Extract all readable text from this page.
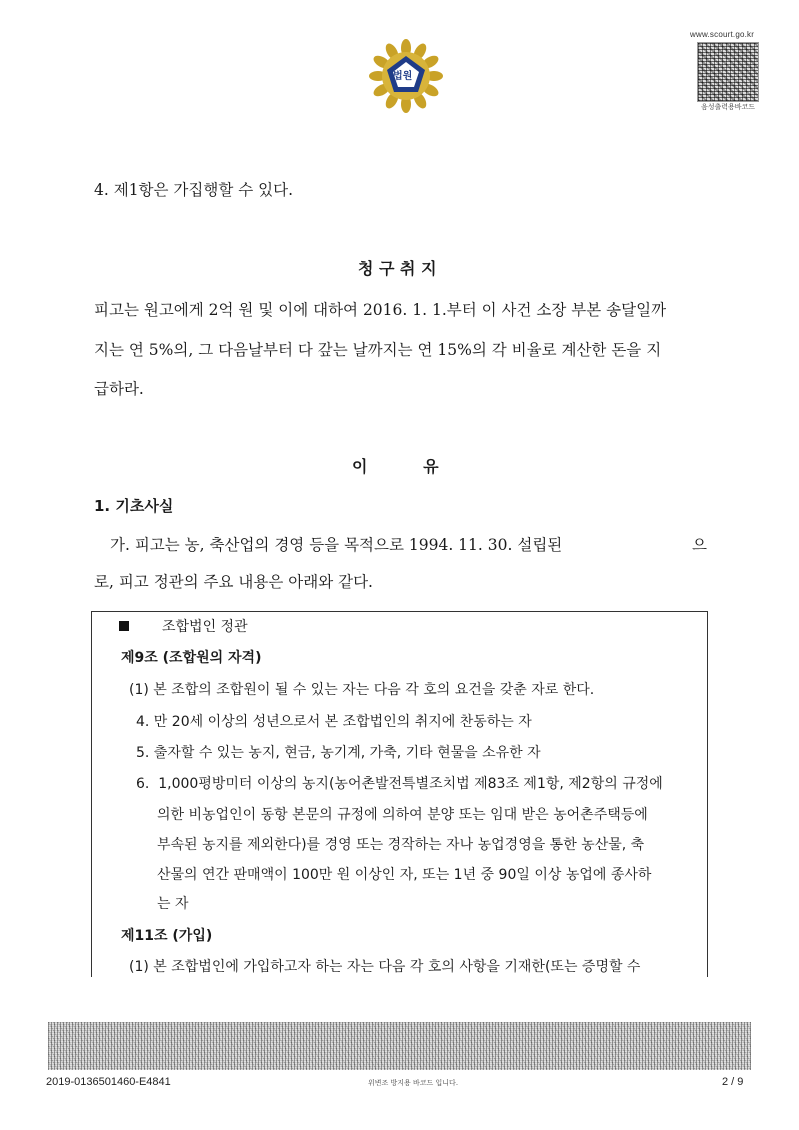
법원
www.scourt.go.kr
음성출력용바코드
4. 제1항은 가집행할 수 있다.
청 구 취 지
피고는 원고에게 2억 원 및 이에 대하여 2016. 1. 1.부터 이 사건 소장 부본 송달일까
지는 연 5%의, 그 다음날부터 다 갚는 날까지는 연 15%의 각 비율로 계산한 돈을 지
급하라.
이          유
1. 기초사실
가. 피고는 농, 축산업의 경영 등을 목적으로 1994. 11. 30. 설립된	으
로, 피고 정관의 주요 내용은 아래와 같다.
조합법인 정관
제9조 (조합원의 자격)
(1) 본 조합의 조합원이 될 수 있는 자는 다음 각 호의 요건을 갖춘 자로 한다.
4. 만 20세 이상의 성년으로서 본 조합법인의 취지에 찬동하는 자
5. 출자할 수 있는 농지, 현금, 농기계, 가축, 기타 현물을 소유한 자
6.  1,000평방미터 이상의 농지(농어촌발전특별조치법 제83조 제1항, 제2항의 규정에
의한 비농업인이 동항 본문의 규정에 의하여 분양 또는 임대 받은 농어촌주택등에
부속된 농지를 제외한다)를 경영 또는 경작하는 자나 농업경영을 통한 농산물, 축
산물의 연간 판매액이 100만 원 이상인 자, 또는 1년 중 90일 이상 농업에 종사하
는 자
제11조 (가입)
(1) 본 조합법인에 가입하고자 하는 자는 다음 각 호의 사항을 기재한(또는 증명할 수
2019-0136501460-E4841	위변조 방지용 바코드 입니다.	2 / 9
